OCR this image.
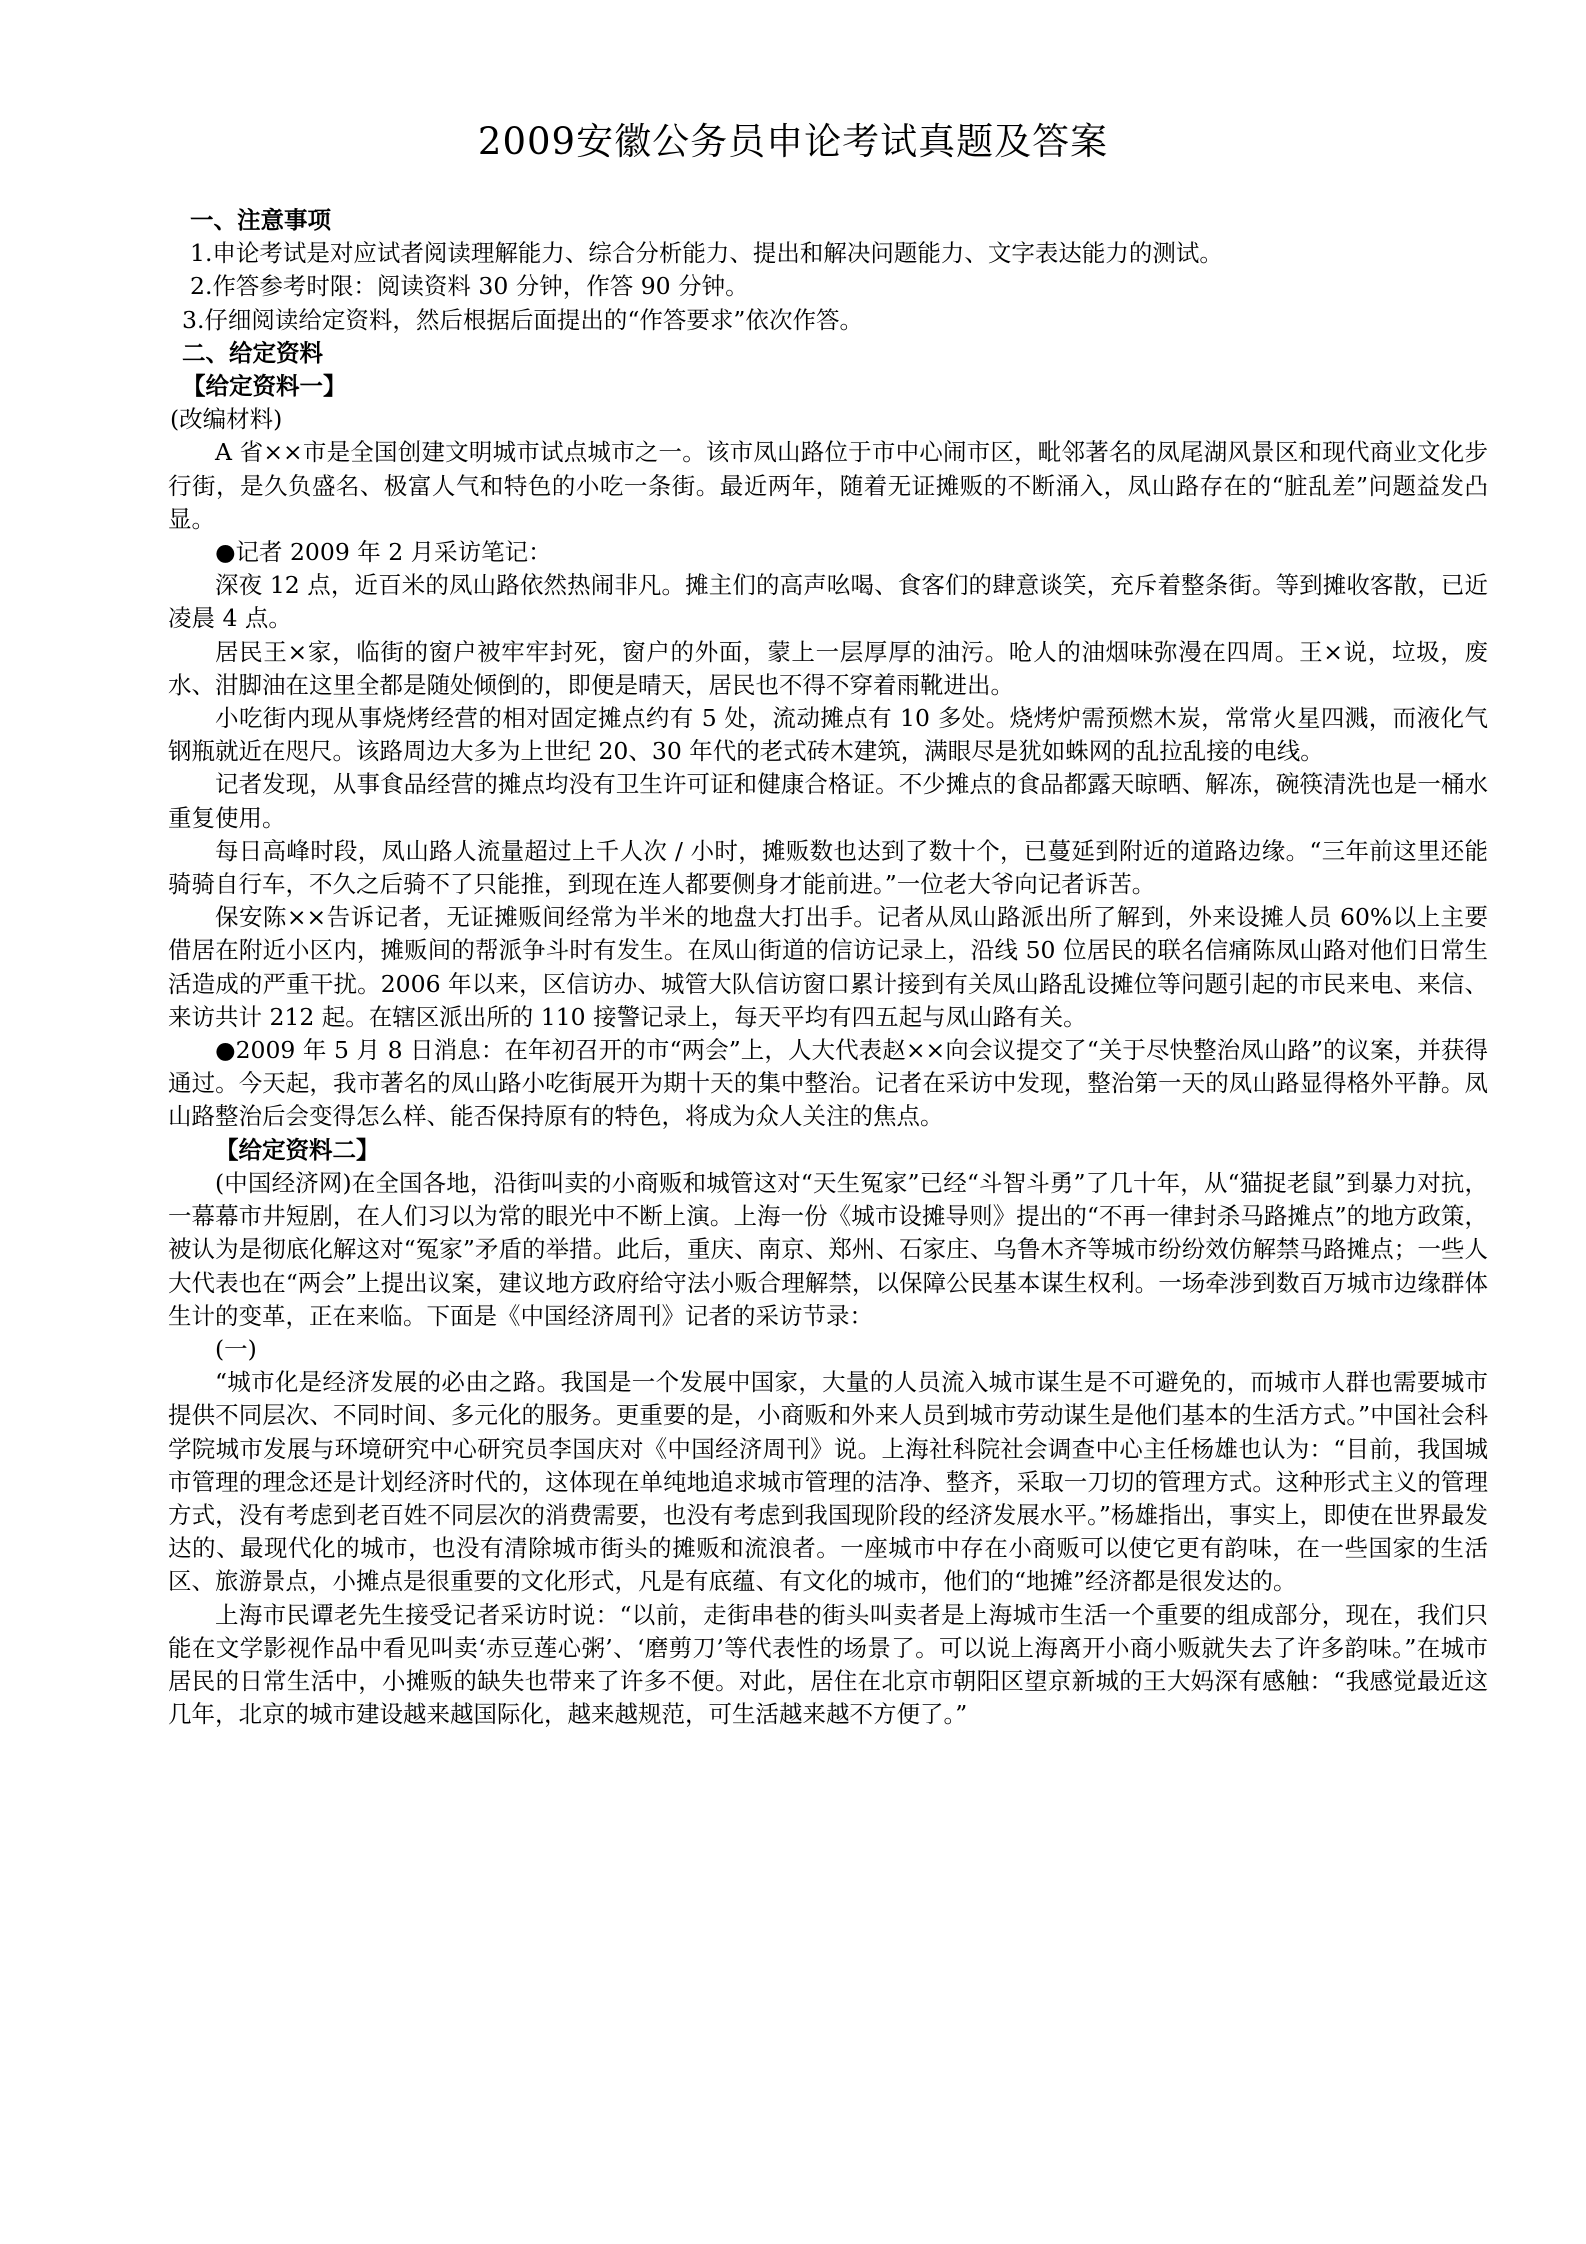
2009安徽公务员申论考试真题及答案

一、注意事项

1.申论考试是对应试者阅读理解能力、综合分析能力、提出和解决问题能力、文字表达能力的测试。

2.作答参考时限：阅读资料 30 分钟，作答 90 分钟。

3.仔细阅读给定资料，然后根据后面提出的“作答要求”依次作答。

二、给定资料

【给定资料一】

(改编材料)

A 省××市是全国创建文明城市试点城市之一。该市凤山路位于市中心闹市区，毗邻著名的凤尾湖风景区和现代商业文化步行街，是久负盛名、极富人气和特色的小吃一条街。最近两年，随着无证摊贩的不断涌入，凤山路存在的“脏乱差”问题益发凸显。

●记者 2009 年 2 月采访笔记：

深夜 12 点，近百米的凤山路依然热闹非凡。摊主们的高声吆喝、食客们的肆意谈笑，充斥着整条街。等到摊收客散，已近凌晨 4 点。

居民王×家，临街的窗户被牢牢封死，窗户的外面，蒙上一层厚厚的油污。呛人的油烟味弥漫在四周。王×说，垃圾，废水、泔脚油在这里全都是随处倾倒的，即便是晴天，居民也不得不穿着雨靴进出。

小吃街内现从事烧烤经营的相对固定摊点约有 5 处，流动摊点有 10 多处。烧烤炉需预燃木炭，常常火星四溅，而液化气钢瓶就近在咫尺。该路周边大多为上世纪 20、30 年代的老式砖木建筑，满眼尽是犹如蛛网的乱拉乱接的电线。

记者发现，从事食品经营的摊点均没有卫生许可证和健康合格证。不少摊点的食品都露天晾晒、解冻，碗筷清洗也是一桶水重复使用。

每日高峰时段，凤山路人流量超过上千人次 / 小时，摊贩数也达到了数十个，已蔓延到附近的道路边缘。“三年前这里还能骑骑自行车，不久之后骑不了只能推，到现在连人都要侧身才能前进。”一位老大爷向记者诉苦。

保安陈××告诉记者，无证摊贩间经常为半米的地盘大打出手。记者从凤山路派出所了解到，外来设摊人员 60%以上主要借居在附近小区内，摊贩间的帮派争斗时有发生。在凤山街道的信访记录上，沿线 50 位居民的联名信痛陈凤山路对他们日常生活造成的严重干扰。2006 年以来，区信访办、城管大队信访窗口累计接到有关凤山路乱设摊位等问题引起的市民来电、来信、来访共计 212 起。在辖区派出所的 110 接警记录上，每天平均有四五起与凤山路有关。

●2009 年 5 月 8 日消息：在年初召开的市“两会”上，人大代表赵××向会议提交了“关于尽快整治凤山路”的议案，并获得通过。今天起，我市著名的凤山路小吃街展开为期十天的集中整治。记者在采访中发现，整治第一天的凤山路显得格外平静。凤山路整治后会变得怎么样、能否保持原有的特色，将成为众人关注的焦点。

【给定资料二】

(中国经济网)在全国各地，沿街叫卖的小商贩和城管这对“天生冤家”已经“斗智斗勇”了几十年，从“猫捉老鼠”到暴力对抗，一幕幕市井短剧，在人们习以为常的眼光中不断上演。上海一份《城市设摊导则》提出的“不再一律封杀马路摊点”的地方政策，被认为是彻底化解这对“冤家”矛盾的举措。此后，重庆、南京、郑州、石家庄、乌鲁木齐等城市纷纷效仿解禁马路摊点；一些人大代表也在“两会”上提出议案，建议地方政府给守法小贩合理解禁，以保障公民基本谋生权利。一场牵涉到数百万城市边缘群体生计的变革，正在来临。下面是《中国经济周刊》记者的采访节录：

(一)

“城市化是经济发展的必由之路。我国是一个发展中国家，大量的人员流入城市谋生是不可避免的，而城市人群也需要城市提供不同层次、不同时间、多元化的服务。更重要的是，小商贩和外来人员到城市劳动谋生是他们基本的生活方式。”中国社会科学院城市发展与环境研究中心研究员李国庆对《中国经济周刊》说。上海社科院社会调查中心主任杨雄也认为：“目前，我国城市管理的理念还是计划经济时代的，这体现在单纯地追求城市管理的洁净、整齐，采取一刀切的管理方式。这种形式主义的管理方式，没有考虑到老百姓不同层次的消费需要，也没有考虑到我国现阶段的经济发展水平。”杨雄指出，事实上，即使在世界最发达的、最现代化的城市，也没有清除城市街头的摊贩和流浪者。一座城市中存在小商贩可以使它更有韵味，在一些国家的生活区、旅游景点，小摊点是很重要的文化形式，凡是有底蕴、有文化的城市，他们的“地摊”经济都是很发达的。

上海市民谭老先生接受记者采访时说：“以前，走街串巷的街头叫卖者是上海城市生活一个重要的组成部分，现在，我们只能在文学影视作品中看见叫卖‘赤豆莲心粥’、‘磨剪刀’等代表性的场景了。可以说上海离开小商小贩就失去了许多韵味。”在城市居民的日常生活中，小摊贩的缺失也带来了许多不便。对此，居住在北京市朝阳区望京新城的王大妈深有感触：“我感觉最近这几年，北京的城市建设越来越国际化，越来越规范，可生活越来越不方便了。”
